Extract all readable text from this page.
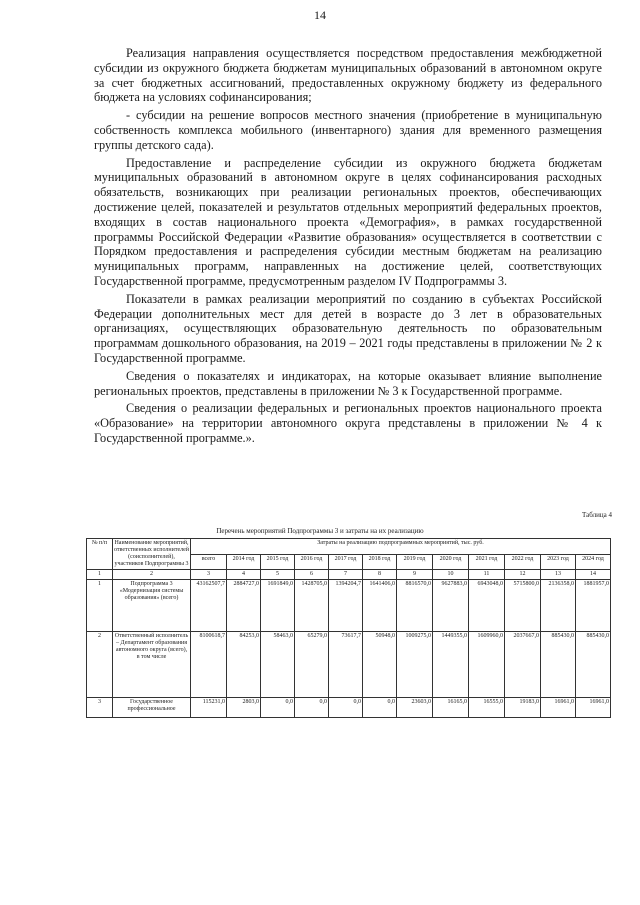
14

Реализация направления осуществляется посредством предоставления межбюджетной субсидии из окружного бюджета бюджетам муниципальных образований в автономном округе за счет бюджетных ассигнований, предоставленных окружному бюджету из федерального бюджета на условиях софинансирования;

- субсидии на решение вопросов местного значения (приобретение в муниципальную собственность комплекса мобильного (инвентарного) здания для временного размещения группы детского сада).

Предоставление и распределение субсидии из окружного бюджета бюджетам муниципальных образований в автономном округе в целях софинансирования расходных обязательств, возникающих при реализации региональных проектов, обеспечивающих достижение целей, показателей и результатов отдельных мероприятий федеральных проектов, входящих в состав национального проекта «Демография», в рамках государственной программы Российской Федерации «Развитие образования» осуществляется в соответствии с Порядком предоставления и распределения субсидии местным бюджетам на реализацию муниципальных программ, направленных на достижение целей, соответствующих Государственной программе, предусмотренным разделом IV Подпрограммы 3.

Показатели в рамках реализации мероприятий по созданию в субъектах Российской Федерации дополнительных мест для детей в возрасте до 3 лет в образовательных организациях, осуществляющих образовательную деятельность по образовательным программам дошкольного образования, на 2019 – 2021 годы представлены в приложении № 2 к Государственной программе.

Сведения о показателях и индикаторах, на которые оказывает влияние выполнение региональных проектов, представлены в приложении № 3 к Государственной программе.

Сведения о реализации федеральных и региональных проектов национального проекта «Образование» на территории автономного округа представлены в приложении № 4 к Государственной программе.».

Таблица 4
Перечень мероприятий Подпрограммы 3 и затраты на их реализацию
№ п/п	Наименование мероприятий, ответственных исполнителей (соисполнителей), участников Подпрограммы 3	Затраты на реализацию подпрограммных мероприятий, тыс. руб.											
		всего	2014 год	2015 год	2016 год	2017 год	2018 год	2019 год	2020 год	2021 год	2022 год	2023 год	2024 год
1	2	3	4	5	6	7	8	9	10	11	12	13	14
1	Подпрограмма 3 «Модернизация системы образования» (всего)	43162507,7	2884727,0	1691849,0	1428705,0	1394204,7	1641406,0	8816570,0	9627883,0	6943048,0	5715800,0	2136358,0	1881957,0
2	Ответственный исполнитель – Департамент образования автономного округа (всего), в том числе	8100618,7	84253,0	58463,0	65279,0	73617,7	50948,0	1009275,0	1449355,0	1609960,0	2037667,0	885430,0	885430,0
3	Государственное профессиональное	115231,0	2803,0	0,0	0,0	0,0	0,0	23603,0	16165,0	16555,0	19183,0	16961,0	16961,0
